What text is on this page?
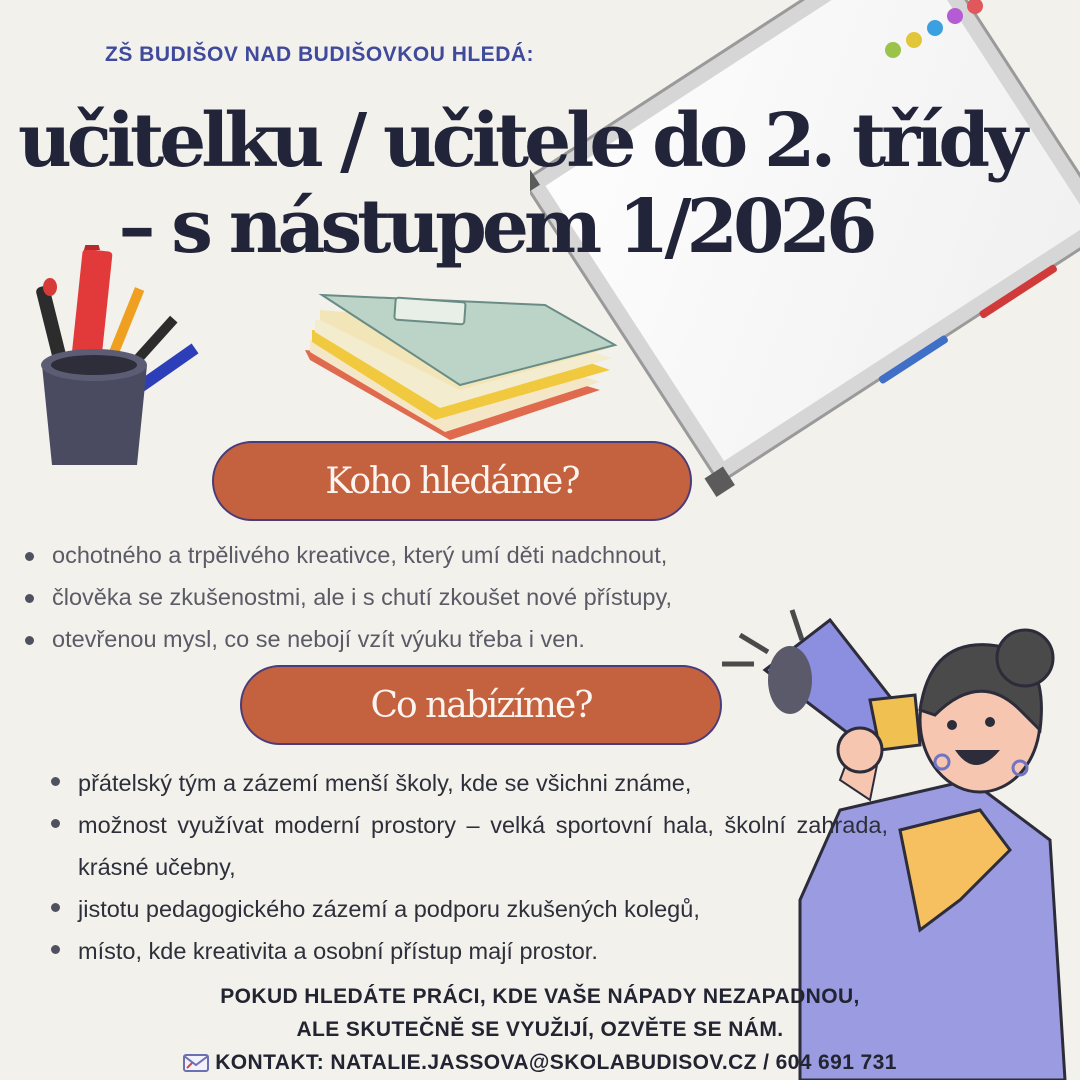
ZŠ BUDIŠOV NAD BUDIŠOVKOU HLEDÁ:
učitelku / učitele do 2. třídy
– s nástupem 1/2026
Koho hledáme?
ochotného a trpělivého kreativce, který umí děti nadchnout,
člověka se zkušenostmi, ale i s chutí zkoušet nové přístupy,
otevřenou mysl, co se nebojí vzít výuku třeba i ven.
Co nabízíme?
přátelský tým a zázemí menší školy, kde se všichni známe,
možnost využívat moderní prostory – velká sportovní hala, školní zahrada, krásné učebny,
jistotu pedagogického zázemí a podporu zkušených kolegů,
místo, kde kreativita a osobní přístup mají prostor.
POKUD HLEDÁTE PRÁCI, KDE VAŠE NÁPADY NEZAPADNOU,
ALE SKUTEČNĚ SE VYUŽIJÍ, OZVĚTE SE NÁM.
KONTAKT: NATALIE.JASSOVA@SKOLABUDISOV.CZ / 604 691 731
